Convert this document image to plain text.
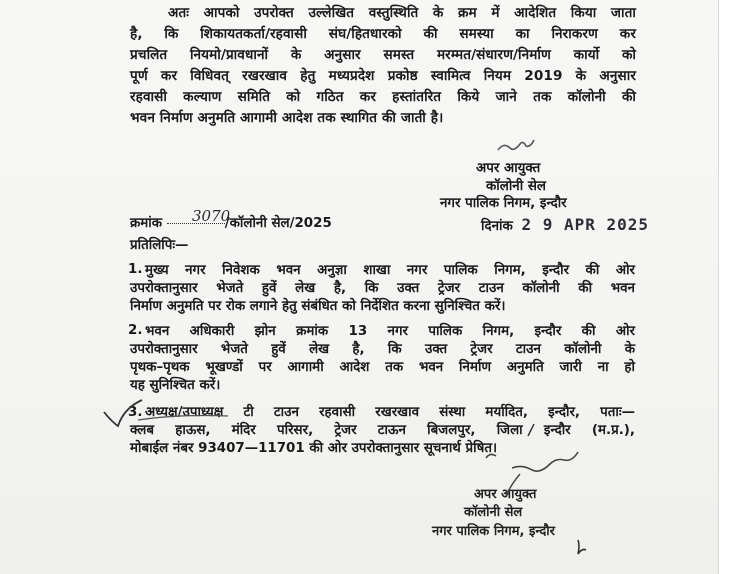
अतः आपको उपरोक्त उल्लेखित वस्तुस्थिति के क्रम में आदेशित किया जाता
है, कि शिकायतकर्ता/रहवासी संघ/हितधारको की समस्या का निराकरण कर
प्रचलित नियमो/प्रावधानों के अनुसार समस्त मरम्मत/संधारण/निर्माण कार्यो को
पूर्ण कर विधिवत् रखरखाव हेतु मध्यप्रदेश प्रकोष्ठ स्वामित्व नियम 2019 के अनुसार
रहवासी कल्याण समिति को गठित कर हस्तांतरित किये जाने तक कॉलोनी की
भवन निर्माण अनुमति आगामी आदेश तक स्थागित की जाती है।
अपर आयुक्त
कॉलोनी सेल
नगर पालिक निगम, इन्दौर
क्रमांक	/कॉलोनी सेल/2025
3070
दिनांक 2 9 APR 2025
प्रतिलिपिः—
1. मुख्य नगर निवेशक भवन अनुज्ञा शाखा नगर पालिक निगम, इन्दौर की ओर
उपरोक्तानुसार भेजते हुवें लेख है, कि उक्त ट्रेजर टाउन कॉलोनी की भवन
निर्माण अनुमति पर रोक लगाने हेतु संबंधित को निर्देशित करना सुनिश्चित करें।
2. भवन अधिकारी झोन क्रमांक 13 नगर पालिक निगम, इन्दौर की ओर
उपरोक्तानुसार भेजते हुवें लेख है, कि उक्त ट्रेजर टाउन कॉलोनी के
पृथक–पृथक भूखण्डों पर आगामी आदेश तक भवन निर्माण अनुमति जारी ना हो
यह सुनिश्चित करें।
3. अध्यक्ष/उपाध्यक्ष टी टाउन रहवासी रखरखाव संस्था मर्यादित, इन्दौर, पताः—
क्लब हाऊस, मंदिर परिसर, ट्रेजर टाऊन बिजलपुर, जिला इन्दौर (म.प्र.),
मोबाईल नंबर 93407—11701 की ओर उपरोक्तानुसार सूचनार्थ प्रेषित।
अपर आयुक्त
कॉलोनी सेल
नगर पालिक निगम, इन्दौर
